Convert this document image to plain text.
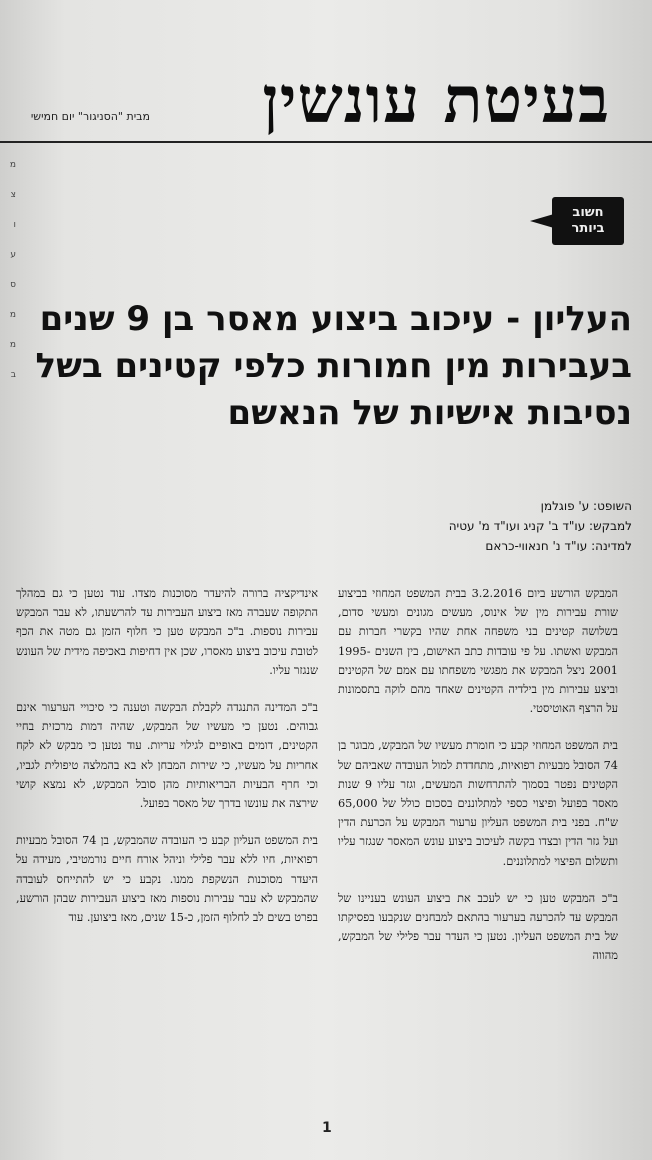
בעיטת עונשין
מבית "הסניגור" יום חמישי
מ
צ
ו
ע
ס
מ
מ
ב
חשוב
ביותר
העליון - עיכוב ביצוע מאסר בן 9 שנים בעבירות מין חמורות כלפי קטינים בשל נסיבות אישיות של הנאשם
השופט: ע' פוגלמן
למבקש: עו"ד ב' קניג ועו"ד מ' עטיה
למדינה: עו"ד נ' חנאווי-כראם

המבקש הורשע ביום 3.2.2016 בבית המשפט המחוזי בביצוע שורת עבירות מין של אינוס, מעשים מגונים ומעשי סדום, בשלושה קטינים בני משפחה אחת שהיו בקשרי חברות עם המבקש ואשתו. על פי עובדות כתב האישום, בין השנים 1995-2001 ניצל המבקש את מפגשי משפחתו עם אמם של הקטינים וביצע עבירות מין בילדיה הקטינים שאחד מהם לוקה בתסמונות על הרצף האוטיסטי.

בית המשפט המחוזי קבע כי חומרת מעשיו של המבקש, מבוגר בן 74 הסובל מבעיות רפואיות, מתחדדת למול העובדה שאביהם של הקטינים נפטר בסמוך להתרחשות המעשים, וגזר עליו 9 שנות מאסר בפועל ופיצוי כספי למתלוננים בסכום כולל של 65,000 ש"ח. בפני בית המשפט העליון ערעור המבקש על הכרעת הדין ועל גזר הדין ובצדו בקשה לעיכוב ביצוע עונש המאסר שנגזר עליו ותשלום הפיצוי למתלוננים.

ב"כ המבקש טען כי יש לעכב את ביצוע העונש בעניינו של המבקש עד להכרעה בערעור בהתאם למבחנים שנקבעו בפסיקתו של בית המשפט העליון. נטען כי העדר עבר פלילי של המבקש, מהווה

אינדיקציה ברורה להיעדר מסוכנות מצדו. עוד נטען כי גם במהלך התקופה שעברה מאז ביצוע העבירות עד להרשעתו, לא עבר המבקש עבירות נוספות. ב"כ המבקש טען כי חלוף הזמן גם מטה את הכף לטובת עיכוב ביצוע מאסרו, שכן אין דחיפות באכיפה מידית של העונש שנגזר עליו.

ב"כ המדינה התנגדה לקבלת הבקשה וטענה כי סיכויי הערעור אינם גבוהים. נטען כי מעשיו של המבקש, שהיה דמות מרכזית בחיי הקטינים, דומים באופיים לגילוי עריות. עוד נטען כי מבקש לא לקח אחריות על מעשיו, כי שירות המבחן לא בא בהמלצה טיפולית לגביו, וכי חרף הבעיות הבריאותיות מהן סובל המבקש, לא נמצא קושי שירצה את עונשו בדרך של מאסר בפועל.

בית המשפט העליון קבע כי העובדה שהמבקש, בן 74 הסובל מבעיות רפואיות, חיו ללא עבר פלילי וניהל אורח חיים נורמטיבי, מעידה על היעדר מסוכנות הנשקפת ממנו. נקבע כי יש להתייחס לעובדה שהמבקש לא עבר עבירות נוספות מאז ביצוע העבירות שבהן הורשע, בפרט בשים לב לחלוף הזמן, כ-15 שנים, מאז ביצוען. עוד

1
